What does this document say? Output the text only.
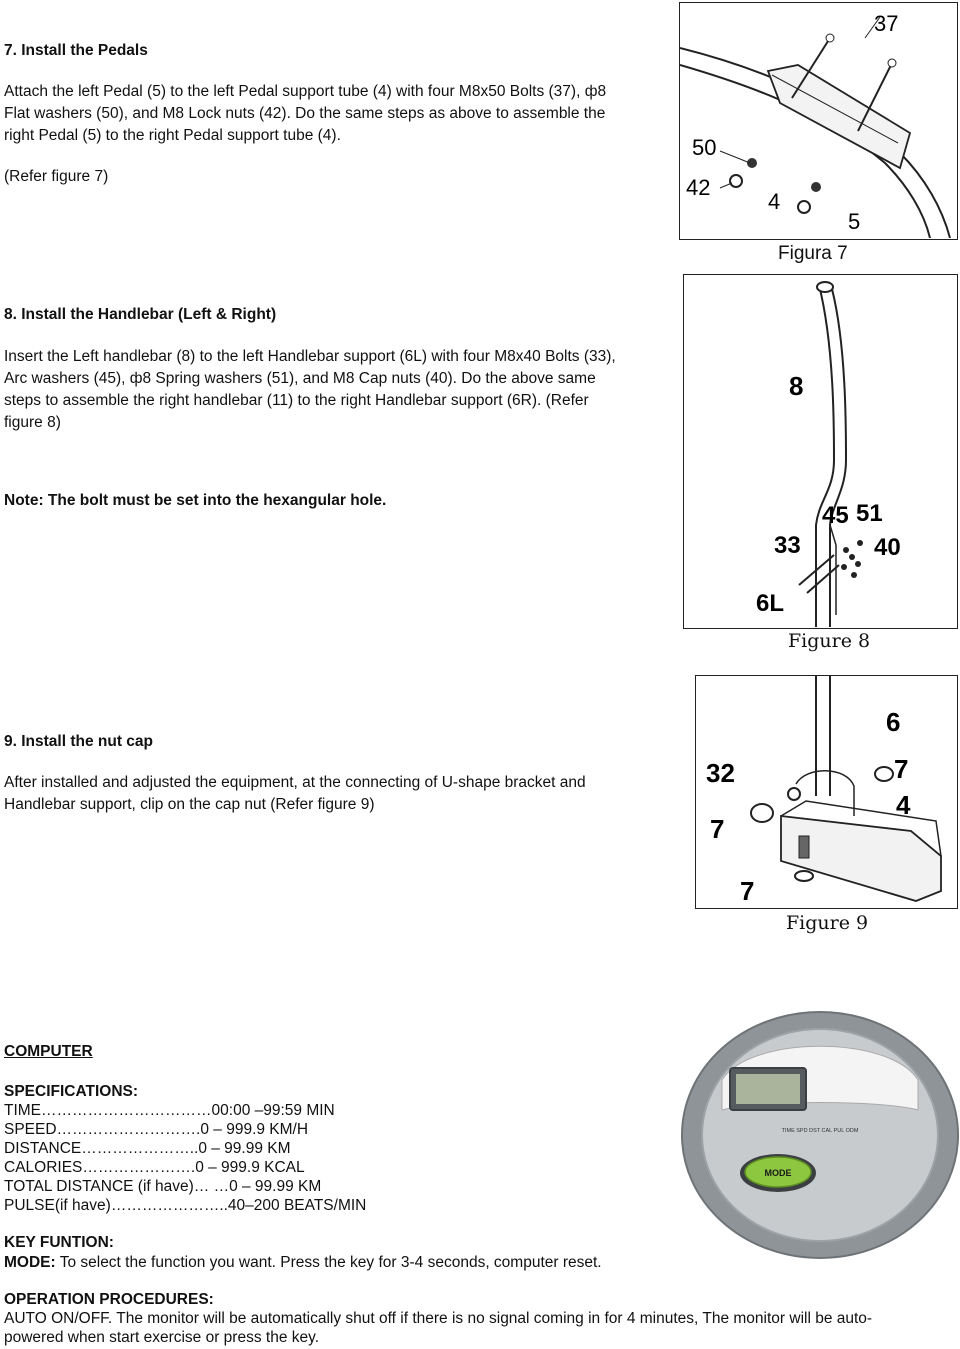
7. Install the Pedals
Attach the left Pedal (5) to the left Pedal support tube (4) with four M8x50 Bolts (37), ф8
Flat washers (50), and M8 Lock nuts (42). Do the same steps as above to assemble the
right Pedal (5) to the right Pedal support tube (4).
(Refer figure 7)
37
50
42
4
5
Figura 7
8. Install the Handlebar (Left & Right)
Insert the Left handlebar (8) to the left Handlebar support (6L) with four M8x40 Bolts (33),
Arc washers (45), ф8 Spring washers (51), and M8 Cap nuts (40). Do the above same
steps to assemble the right handlebar (11) to the right Handlebar support (6R). (Refer
figure 8)
Note: The bolt must be set into the hexangular hole.
8
45 51
33	40
6L
Figure 8
9. Install the nut cap
After installed and adjusted the equipment, at the connecting of U-shape bracket and
Handlebar support, clip on the cap nut (Refer figure 9)
6
32	7
4
7
7
Figure 9
COMPUTER
SPECIFICATIONS:
TIME……………………………00:00 –99:59 MIN
SPEED……………………….0 – 999.9 KM/H
DISTANCE…………………..0 – 99.99 KM
CALORIES………………….0 – 999.9 KCAL
TOTAL DISTANCE (if have)… …0 – 99.99 KM
PULSE(if have)…………………..40–200 BEATS/MIN
KEY FUNTION:
MODE: To select the function you want. Press the key for 3-4 seconds, computer reset.
OPERATION PROCEDURES:
AUTO ON/OFF. The monitor will be automatically shut off if there is no signal coming in for 4 minutes, The monitor will be auto-
powered when start exercise or press the key.
TIME SPD DST CAL PUL ODM
MODE
